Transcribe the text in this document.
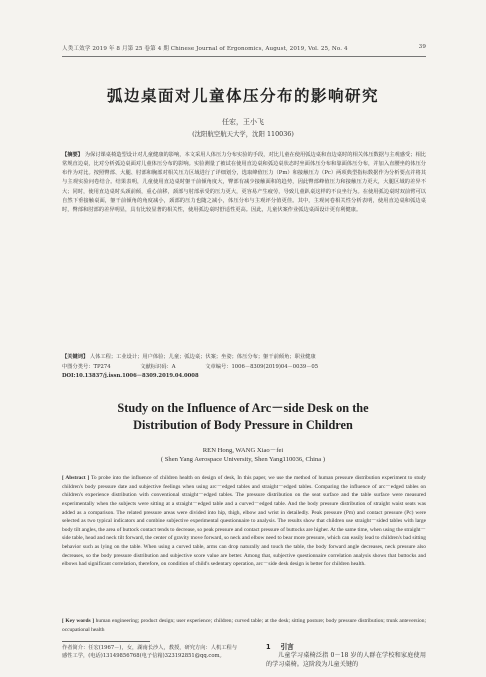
人类工效学 2019 年 8 月第 25 卷第 4 期 Chinese Journal of Ergonomics, August, 2019, Vol. 25, No. 4	39
弧边桌面对儿童体压分布的影响研究
任宏，王小飞
(沈阳航空航天大学，沈阳 110036)
【摘要】 为保讨课桌椅造型设计对儿童健康的影响，本文采用人体压力分布实验的手段，对比儿童在使用弧边桌和直边桌时的相关体压数据与主观感受；相比常规直边桌，比对分析弧边桌面对儿童体压分布的影响。实验测量了被试在使用直边桌和弧边桌状态时坐面体压分布和靠面体压分布，并加入直腰坐的体压分布作为对比。按照臀部、大腿、肘部和胸部对相关压力区域进行了详细划分，选取峰值压力（Pm）和接触压力（Pc）两项典型指标数据作为分析要点并将其与主观实验问卷结合。结果表明，儿童使用直边桌时躯干前倾角度大，臀部有减少接触面积的趋势，因此臀部峰值压力和接触压力更大，大腿区域的差异不大；同时，使用直边桌时头颈前倾，重心前移，颈部与肘部承受的压力更大，更容易产生疲劳，导致儿童趴桌这样的不良坐行为。在使用弧边桌时双前臂可以自然下垂接触桌面，躯干前倾角的角度减小，颈部的压力也随之减小，体压分布与主观评分值更佳。其中，主观问卷相关性分析表明，使用直边桌和弧边桌时，臀部和肘部的差异明显，具有比较显著的相关性，使用弧边桌时舒适性更高。因此，儿童伏案作业弧边桌面设计更有利健康。
【关键词】 人体工程；工业设计；用户体验；儿童；弧边桌；伏案；坐姿；体压分布；躯干前倾角；职业健康
中图分类号：TP274	文献标识码：A	文章编号：1006－8309(2019)04－0039－05
DOI:10.13837/j.issn.1006－8309.2019.04.0008
Study on the Influence of Arc－side Desk on the
Distribution of Body Pressure in Children
REN Hong, WANG Xiao－fei
( Shen Yang Aerospace University, Shen Yang110036, China )
[ Abstract ] To probe into the influence of children health on design of desk, In this paper, we use the method of human pressure distribution experiment to study children's body pressure date and subjective feelings when using arc－edged tables and straight－edged tables. Comparing the influence of arc－edged tables on children's experience distribution with conventional straight－edged tables. The pressure distribution on the seat surface and the table surface were measured experimentally when the subjects were sitting at a straight－edged table and a curved－edged table. And the body pressure distribution of straight waist seats was added as a comparison. The related pressure areas were divided into hip, thigh, elbow and wrist in detailedly. Peak pressure (Pm) and contact pressure (Pc) were selected as two typical indicators and combine subjective experimental questionnaire to analysis. The results show that children use straight－sided tables with large body tilt angles, the area of buttock contact tends to decrease, so peak pressure and contact pressure of buttocks are higher. At the same time, when using the straight－side table, head and neck tilt forward, the center of gravity move forward, so neck and elbow need to bear more pressure, which can easily lead to children's bad sitting behavior such as lying on the table. When using a curved table, arms can drop naturally and touch the table, the body forward angle decreases, neck pressure also decreases, so the body pressure distribution and subjective score value are better. Among that, subjective questionnaire correlation analysis shows that buttocks and elbows had significant correlation, therefore, on condition of child's sedentary operation, arc－side desk design is better for children health.
[ Key words ] human engineering; product design; user experience; children; curved table; at the desk; sitting posture; body pressure distribution; trunk anteversion; occupational health
作者简介：任宏(1967－)，女，湖南长沙人，教授，研究方向：人机工程与感性工学，(电话)13149856768(电子信箱)323192851@qq.com。
1 引言
儿童学习桌椅泛指 0－18 岁的人群在学校和家庭使用的学习桌椅。这阶段为儿童关键的
